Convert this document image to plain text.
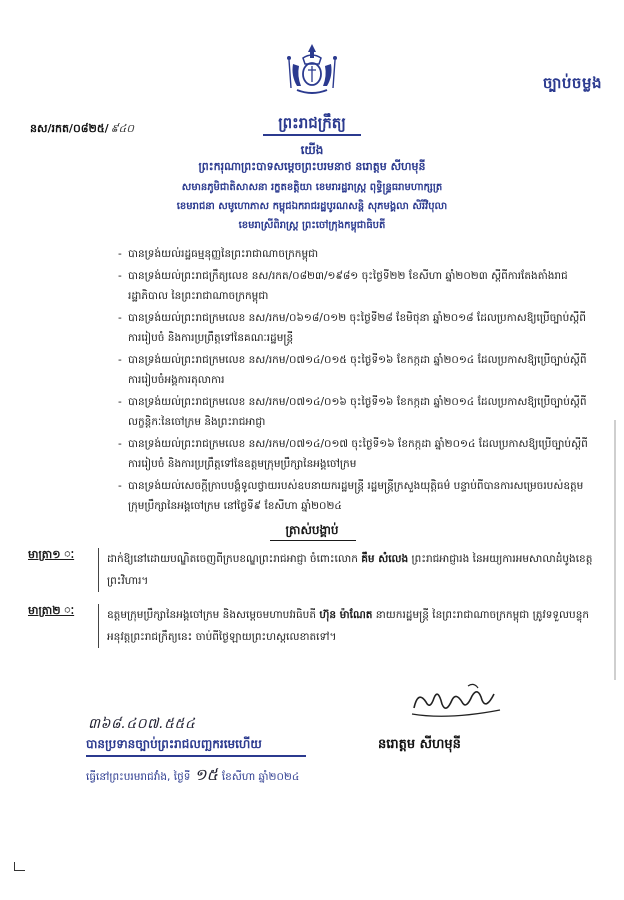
ច្បាប់ចម្លង
នស/រកត/០៨២៥/ ៩៤០	ព្រះរាជក្រឹត្យ
យើង
ព្រះករុណាព្រះបាទសម្តេចព្រះបរមនាថ នរោត្តម សីហមុនី
សមានភូមិជាតិសាសនា រក្ខតខត្តិយា ខេមរារដ្ឋរាស្ត្រ ពុទ្ធិន្ទ្រធរាមហាក្សត្រ
ខេមរាជនា សមូហោភាស កម្ពុជឯករាជរដ្ឋបូរណសន្តិ សុភមង្គលា សិរីវិបុលា
ខេមរាស្រីពិរាស្ត្រ ព្រះចៅក្រុងកម្ពុជាធិបតី
- បានទ្រង់យល់រដ្ឋធម្មនុញ្ញនៃព្រះរាជាណាចក្រកម្ពុជា
- បានទ្រង់យល់ព្រះរាជក្រឹត្យលេខ នស/រកត/០៨២៣/១៩៨១ ចុះថ្ងៃទី២២ ខែសីហា ឆ្នាំ២០២៣ ស្តីពីការតែងតាំងរាជរដ្ឋាភិបាល នៃព្រះរាជាណាចក្រកម្ពុជា
- បានទ្រង់យល់ព្រះរាជក្រមលេខ នស/រកម/០៦១៨/០១២ ចុះថ្ងៃទី២៨ ខែមិថុនា ឆ្នាំ២០១៨ ដែលប្រកាសឱ្យប្រើច្បាប់ស្តីពីការរៀបចំ និងការប្រព្រឹត្តទៅនៃគណៈរដ្ឋមន្ត្រី
- បានទ្រង់យល់ព្រះរាជក្រមលេខ នស/រកម/០៧១៤/០១៥ ចុះថ្ងៃទី១៦ ខែកក្កដា ឆ្នាំ២០១៤ ដែលប្រកាសឱ្យប្រើច្បាប់ស្តីពីការរៀបចំអង្គការតុលាការ
- បានទ្រង់យល់ព្រះរាជក្រមលេខ នស/រកម/០៧១៤/០១៦ ចុះថ្ងៃទី១៦ ខែកក្កដា ឆ្នាំ២០១៤ ដែលប្រកាសឱ្យប្រើច្បាប់ស្តីពីលក្ខន្តិកៈនៃចៅក្រម និងព្រះរាជអាជ្ញា
- បានទ្រង់យល់ព្រះរាជក្រមលេខ នស/រកម/០៧១៤/០១៧ ចុះថ្ងៃទី១៦ ខែកក្កដា ឆ្នាំ២០១៤ ដែលប្រកាសឱ្យប្រើច្បាប់ស្តីពីការរៀបចំ និងការប្រព្រឹត្តទៅនៃឧត្តមក្រុមប្រឹក្សានៃអង្គចៅក្រម
- បានទ្រង់យល់សេចក្តីក្រាបបង្គំទូលថ្វាយរបស់ឧបនាយករដ្ឋមន្ត្រី រដ្ឋមន្ត្រីក្រសួងយុត្តិធម៌ បន្ទាប់ពីបានការសម្រេចរបស់ឧត្តមក្រុមប្រឹក្សានៃអង្គចៅក្រម នៅថ្ងៃទី៩ ខែសីហា ឆ្នាំ២០២៤
ត្រាស់បង្គាប់
មាត្រា១ ៈ	ដាក់ឱ្យនៅដោយបណ្ឌិតចេញពីក្របខណ្ឌព្រះរាជអាជ្ញា ចំពោះលោក គឹម សំលេង ព្រះរាជអាជ្ញារង នៃអយ្យការអមសាលាដំបូងខេត្តព្រះវិហារ។
មាត្រា២ ៈ	ឧត្តមក្រុមប្រឹក្សានៃអង្គចៅក្រម និងសម្តេចមហាបវរធិបតី ហ៊ុន ម៉ាណែត នាយករដ្ឋមន្ត្រី នៃព្រះរាជាណាចក្រកម្ពុជា ត្រូវទទួលបន្ទុកអនុវត្តព្រះរាជក្រឹត្យនេះ ចាប់ពីថ្ងៃឡាយព្រះហស្តលេខាតទៅ។
៣៦៨.៤០៧.៥៥៤
បានប្រទានច្បាប់ព្រះរាជលញ្ឆករមេហើយ
ធ្វើនៅព្រះបរមរាជវាំង, ថ្ងៃទី ១៥ ខែសីហា ឆ្នាំ២០២៤
នរោត្តម សីហមុនី
